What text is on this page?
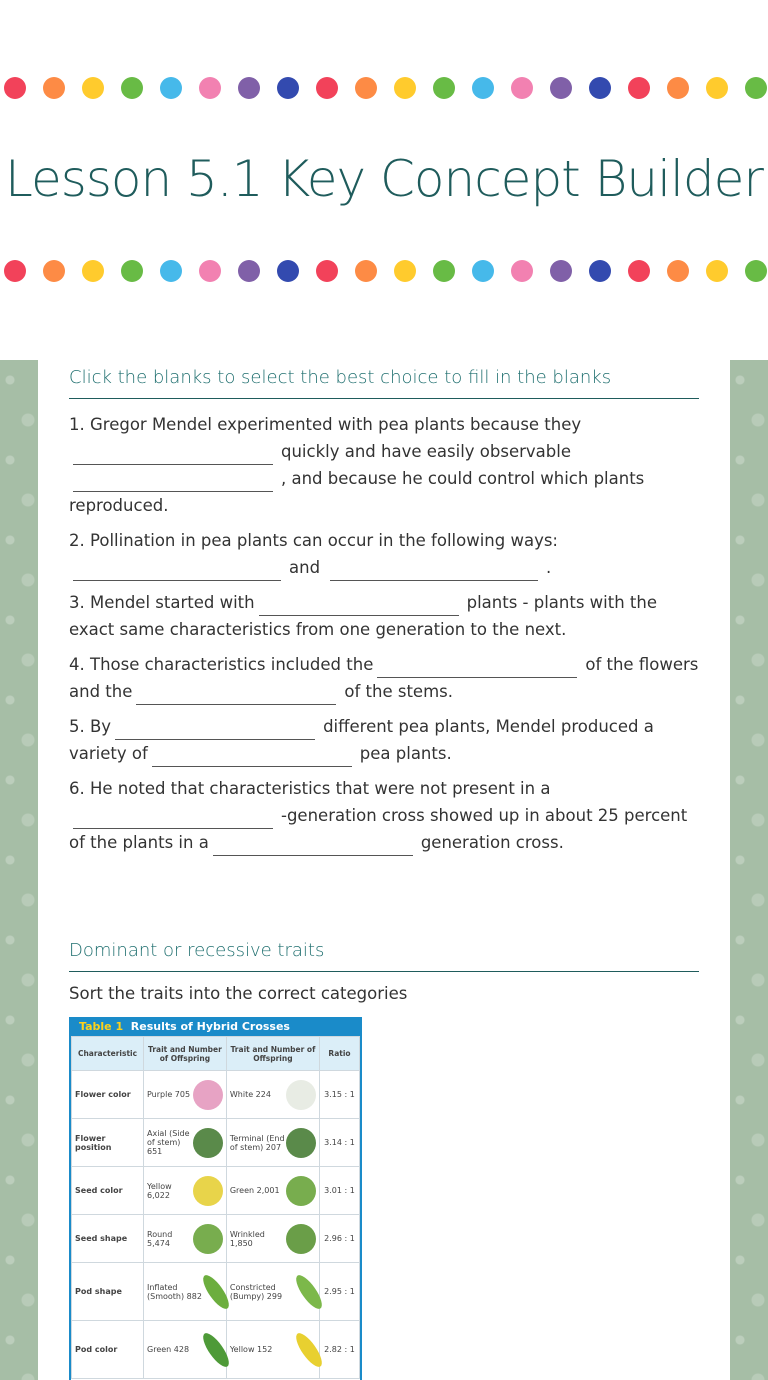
Lesson 5.1 Key Concept Builder
Click the blanks to select the best choice to fill in the blanks

1. Gregor Mendel experimented with pea plants because they
quickly and have easily observable
, and because he could control which plants reproduced.

2. Pollination in pea plants can occur in the following ways:
and	.

3. Mendel started with	plants - plants with the exact same characteristics from one generation to the next.

4. Those characteristics included the	of the flowers and the	of the stems.

5. By	different pea plants, Mendel produced a variety of	pea plants.

6. He noted that characteristics that were not present in a
-generation cross showed up in about 25 percent of the plants in a	generation cross.

Dominant or recessive traits

Sort the traits into the correct categories

Table 1 Results of Hybrid Crosses
Characteristic	Trait and Number of Offspring	Trait and Number of Offspring	Ratio
Flower color	Purple 705	White 224	3.15 : 1
Flower position	Axial (Side of stem) 651	Terminal (End of stem) 207	3.14 : 1
Seed color	Yellow 6,022	Green 2,001	3.01 : 1
Seed shape	Round 5,474	Wrinkled 1,850	2.96 : 1
Pod shape	Inflated (Smooth) 882	Constricted (Bumpy) 299	2.95 : 1
Pod color	Green 428	Yellow 152	2.82 : 1
